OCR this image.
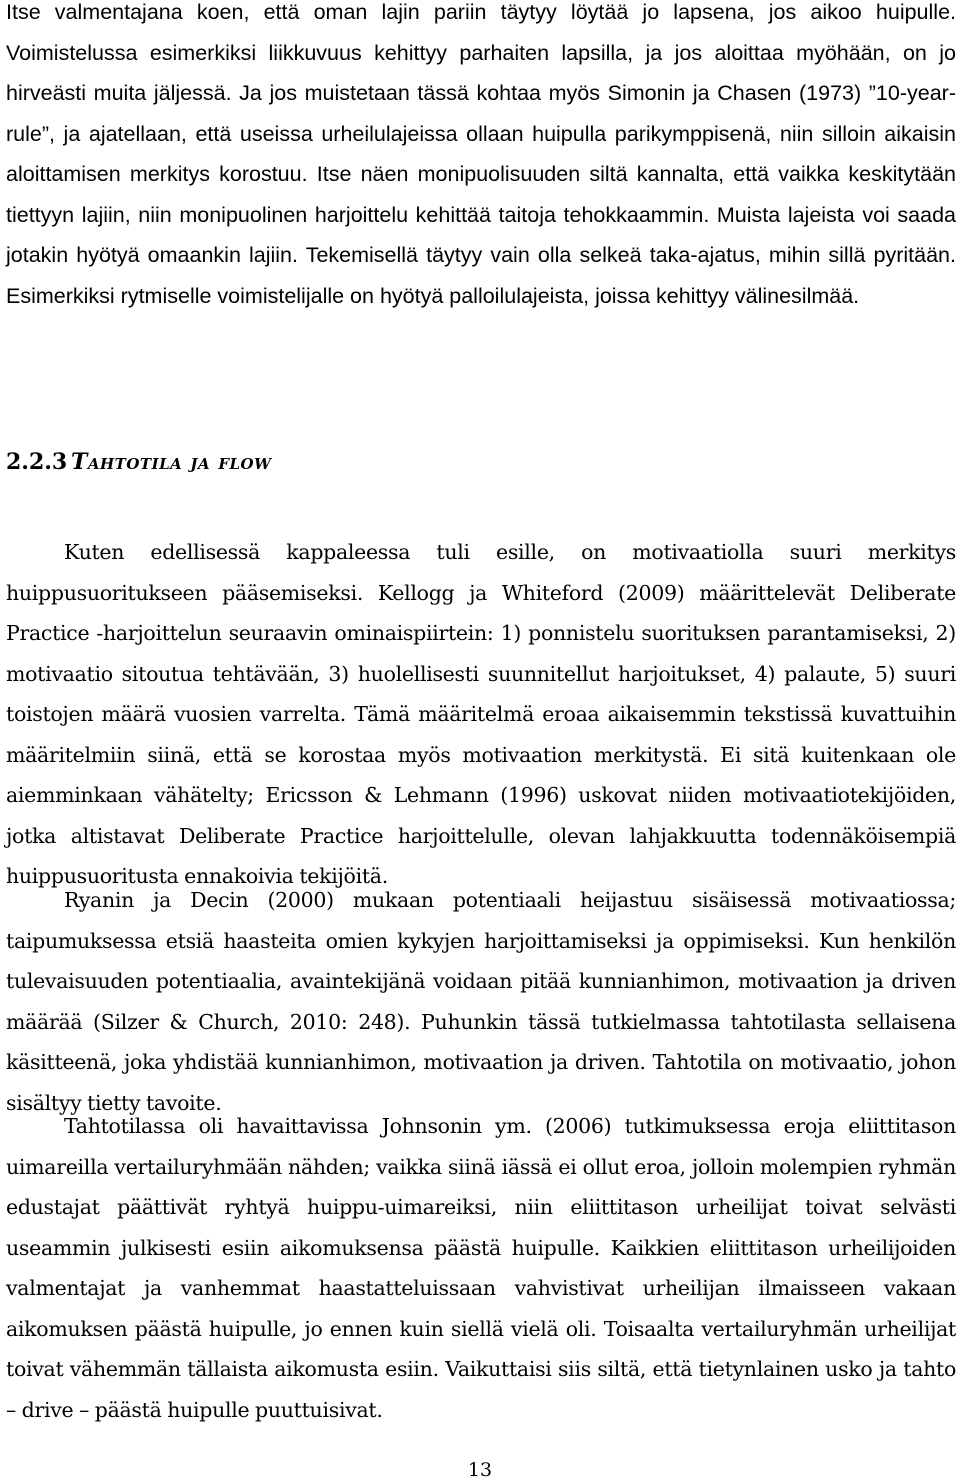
Itse valmentajana koen, että oman lajin pariin täytyy löytää jo lapsena, jos aikoo huipulle. Voimistelussa esimerkiksi liikkuvuus kehittyy parhaiten lapsilla, ja jos aloittaa myöhään, on jo hirveästi muita jäljessä. Ja jos muistetaan tässä kohtaa myös Simonin ja Chasen (1973) ”10-year-rule”, ja ajatellaan, että useissa urheilulajeissa ollaan huipulla parikymppisenä, niin silloin aikaisin aloittamisen merkitys korostuu. Itse näen monipuolisuuden siltä kannalta, että vaikka keskitytään tiettyyn lajiin, niin monipuolinen harjoittelu kehittää taitoja tehokkaammin. Muista lajeista voi saada jotakin hyötyä omaankin lajiin. Tekemisellä täytyy vain olla selkeä taka-ajatus, mihin sillä pyritään. Esimerkiksi rytmiselle voimistelijalle on hyötyä palloilulajeista, joissa kehittyy välinesilmää.

2.2.3 Tahtotila ja flow

Kuten edellisessä kappaleessa tuli esille, on motivaatiolla suuri merkitys huippusuoritukseen pääsemiseksi. Kellogg ja Whiteford (2009) määrittelevät Deliberate Practice -harjoittelun seuraavin ominaispiirtein: 1) ponnistelu suorituksen parantamiseksi, 2) motivaatio sitoutua tehtävään, 3) huolellisesti suunnitellut harjoitukset, 4) palaute, 5) suuri toistojen määrä vuosien varrelta. Tämä määritelmä eroaa aikaisemmin tekstissä kuvattuihin määritelmiin siinä, että se korostaa myös motivaation merkitystä. Ei sitä kuitenkaan ole aiemminkaan vähätelty; Ericsson & Lehmann (1996) uskovat niiden motivaatiotekijöiden, jotka altistavat Deliberate Practice harjoittelulle, olevan lahjakkuutta todennäköisempiä huippusuoritusta ennakoivia tekijöitä.

Ryanin ja Decin (2000) mukaan potentiaali heijastuu sisäisessä motivaatiossa; taipumuksessa etsiä haasteita omien kykyjen harjoittamiseksi ja oppimiseksi. Kun henkilön tulevaisuuden potentiaalia, avaintekijänä voidaan pitää kunnianhimon, motivaation ja driven määrää (Silzer & Church, 2010: 248). Puhunkin tässä tutkielmassa tahtotilasta sellaisena käsitteenä, joka yhdistää kunnianhimon, motivaation ja driven. Tahtotila on motivaatio, johon sisältyy tietty tavoite.

Tahtotilassa oli havaittavissa Johnsonin ym. (2006) tutkimuksessa eroja eliittitason uimareilla vertailuryhmään nähden; vaikka siinä iässä ei ollut eroa, jolloin molempien ryhmän edustajat päättivät ryhtyä huippu-uimareiksi, niin eliittitason urheilijat toivat selvästi useammin julkisesti esiin aikomuksensa päästä huipulle. Kaikkien eliittitason urheilijoiden valmentajat ja vanhemmat haastatteluissaan vahvistivat urheilijan ilmaisseen vakaan aikomuksen päästä huipulle, jo ennen kuin siellä vielä oli. Toisaalta vertailuryhmän urheilijat toivat vähemmän tällaista aikomusta esiin. Vaikuttaisi siis siltä, että tietynlainen usko ja tahto – drive – päästä huipulle puuttuisivat.

13
